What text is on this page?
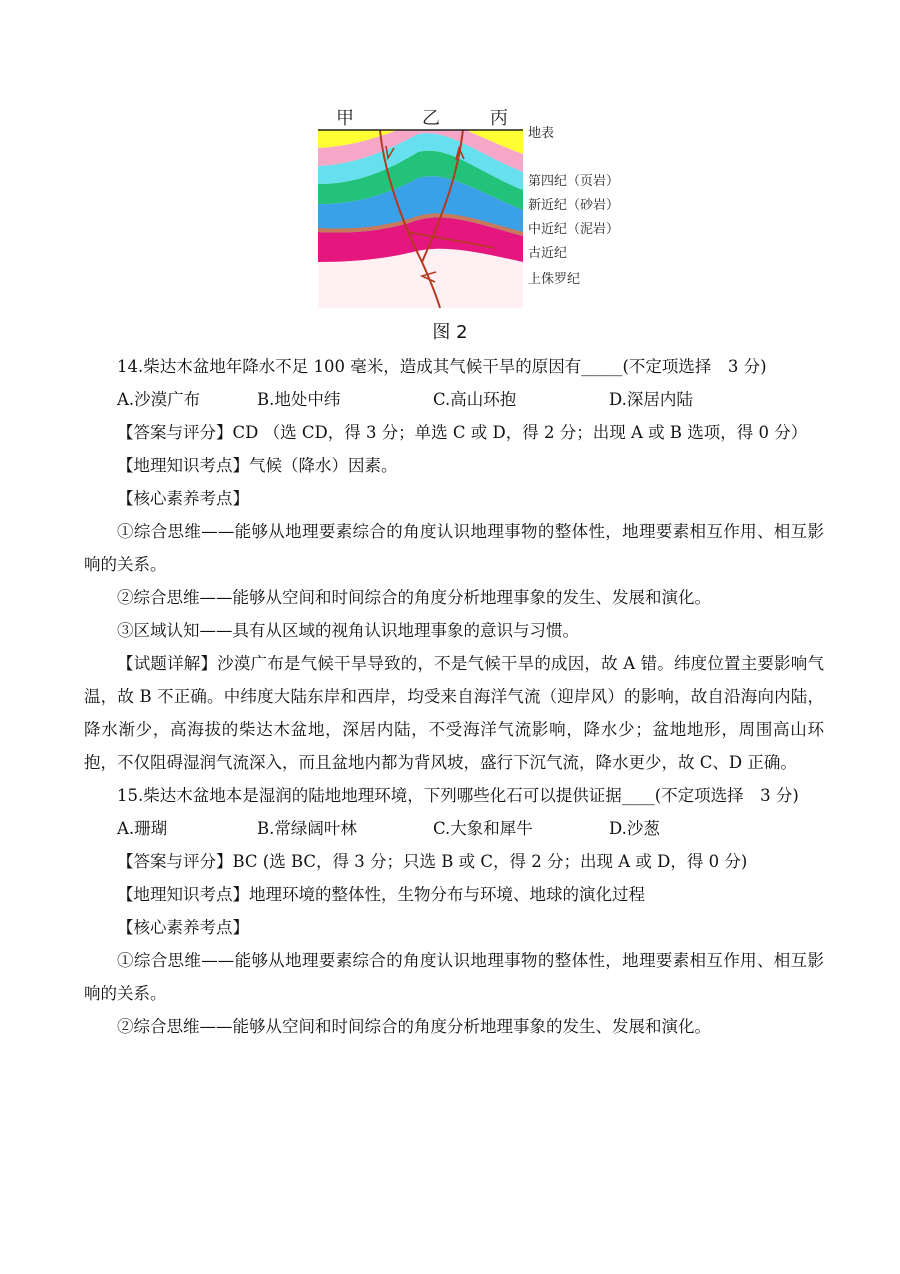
甲	乙	丙
地表
第四纪（页岩）
新近纪（砂岩）
中近纪（泥岩）
古近纪
上侏罗纪
图 2

14.柴达木盆地年降水不足 100 毫米，造成其气候干旱的原因有_____(不定项选择　3 分)

A.沙漠广布	B.地处中纬	C.高山环抱	D.深居内陆

【答案与评分】CD （选 CD，得 3 分；单选 C 或 D，得 2 分；出现 A 或 B 选项，得 0 分）

【地理知识考点】气候（降水）因素。

【核心素养考点】

①综合思维——能够从地理要素综合的角度认识地理事物的整体性，地理要素相互作用、相互影响的关系。

②综合思维——能够从空间和时间综合的角度分析地理事象的发生、发展和演化。

③区域认知——具有从区域的视角认识地理事象的意识与习惯。

【试题详解】沙漠广布是气候干旱导致的，不是气候干旱的成因，故 A 错。纬度位置主要影响气温，故 B 不正确。中纬度大陆东岸和西岸，均受来自海洋气流（迎岸风）的影响，故自沿海向内陆，降水渐少，高海拔的柴达木盆地，深居内陆，不受海洋气流影响，降水少；盆地地形，周围高山环抱，不仅阻碍湿润气流深入，而且盆地内都为背风坡，盛行下沉气流，降水更少，故 C、D 正确。

15.柴达木盆地本是湿润的陆地地理环境，下列哪些化石可以提供证据____(不定项选择　3 分)

A.珊瑚	B.常绿阔叶林	C.大象和犀牛	D.沙葱

【答案与评分】BC (选 BC，得 3 分；只选 B 或 C，得 2 分；出现 A 或 D，得 0 分)

【地理知识考点】地理环境的整体性，生物分布与环境、地球的演化过程

【核心素养考点】

①综合思维——能够从地理要素综合的角度认识地理事物的整体性，地理要素相互作用、相互影响的关系。

②综合思维——能够从空间和时间综合的角度分析地理事象的发生、发展和演化。
